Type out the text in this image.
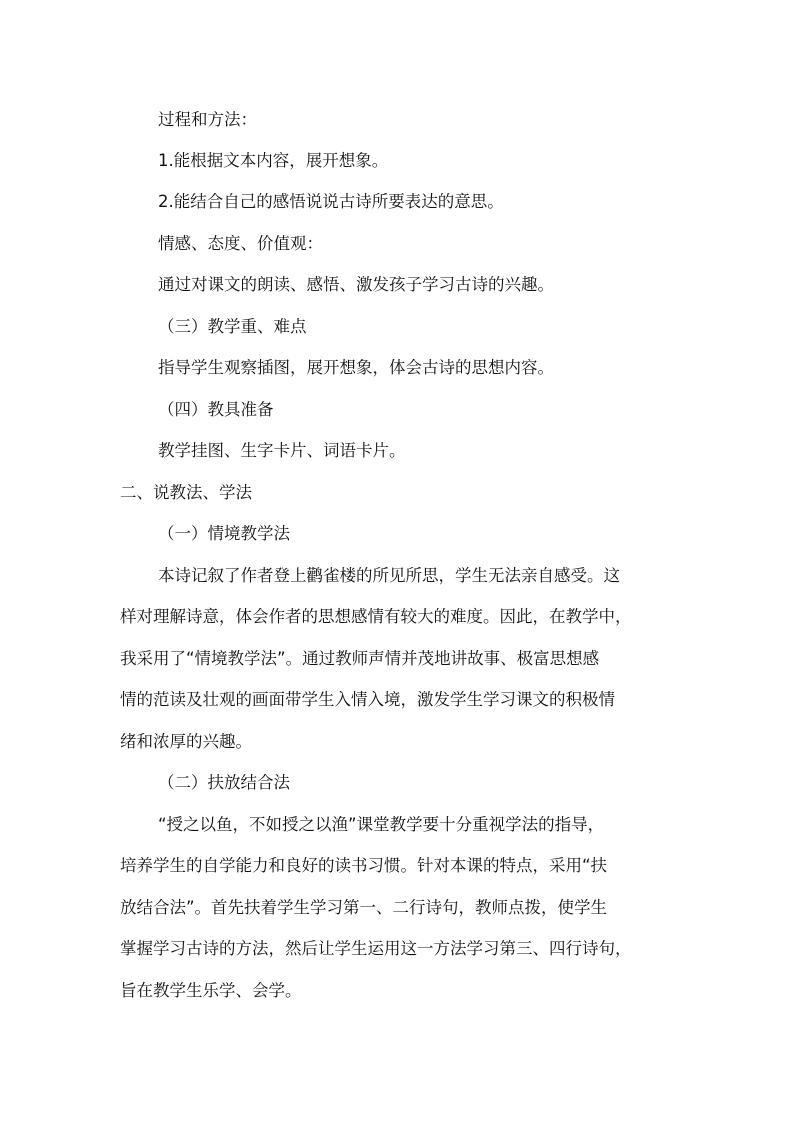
过程和方法：
1.能根据文本内容，展开想象。
2.能结合自己的感悟说说古诗所要表达的意思。
情感、态度、价值观：
通过对课文的朗读、感悟、激发孩子学习古诗的兴趣。
（三）教学重、难点
指导学生观察插图，展开想象，体会古诗的思想内容。
（四）教具准备
教学挂图、生字卡片、词语卡片。
二、说教法、学法
（一）情境教学法
本诗记叙了作者登上鹳雀楼的所见所思，学生无法亲自感受。这
样对理解诗意，体会作者的思想感情有较大的难度。因此，在教学中，
我采用了“情境教学法”。通过教师声情并茂地讲故事、极富思想感
情的范读及壮观的画面带学生入情入境，激发学生学习课文的积极情
绪和浓厚的兴趣。
（二）扶放结合法
“授之以鱼，不如授之以渔”课堂教学要十分重视学法的指导，
培养学生的自学能力和良好的读书习惯。针对本课的特点，采用“扶
放结合法”。首先扶着学生学习第一、二行诗句，教师点拨，使学生
掌握学习古诗的方法，然后让学生运用这一方法学习第三、四行诗句，
旨在教学生乐学、会学。
